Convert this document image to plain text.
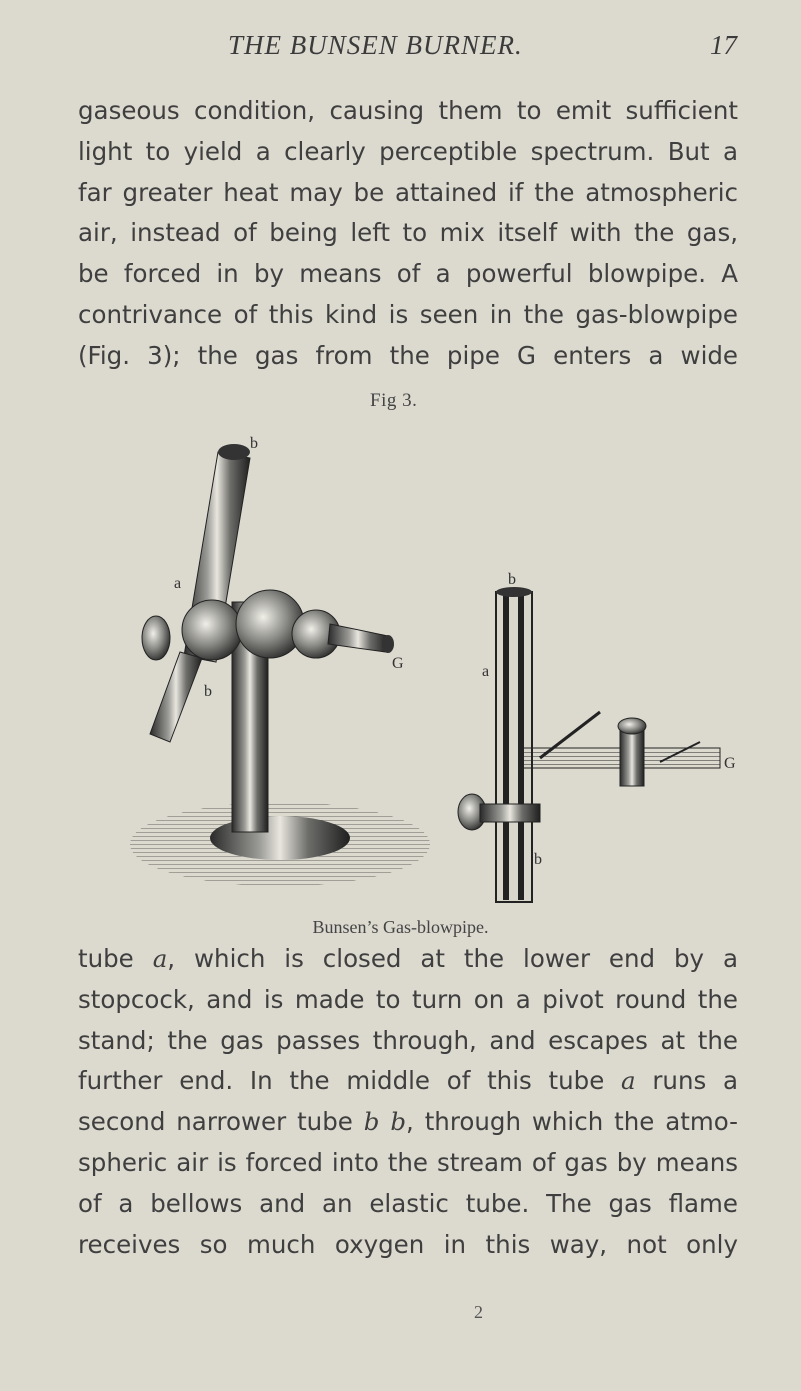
THE BUNSEN BURNER.	17
gaseous condition, causing them to emit sufficient
light to yield a clearly perceptible spectrum. But a
far greater heat may be attained if the atmospheric
air, instead of being left to mix itself with the gas,
be forced in by means of a powerful blowpipe. A
contrivance of this kind is seen in the gas-blowpipe
(Fig. 3); the gas from the pipe G enters a wide
Fig 3.
b
a
G
b
b
a
G
b
Bunsen’s Gas-blowpipe.
tube a, which is closed at the lower end by a
stopcock, and is made to turn on a pivot round the
stand; the gas passes through, and escapes at the
further end. In the middle of this tube a runs a
second narrower tube b b, through which the atmo-
spheric air is forced into the stream of gas by means
of a bellows and an elastic tube. The gas flame
receives so much oxygen in this way, not only
2
